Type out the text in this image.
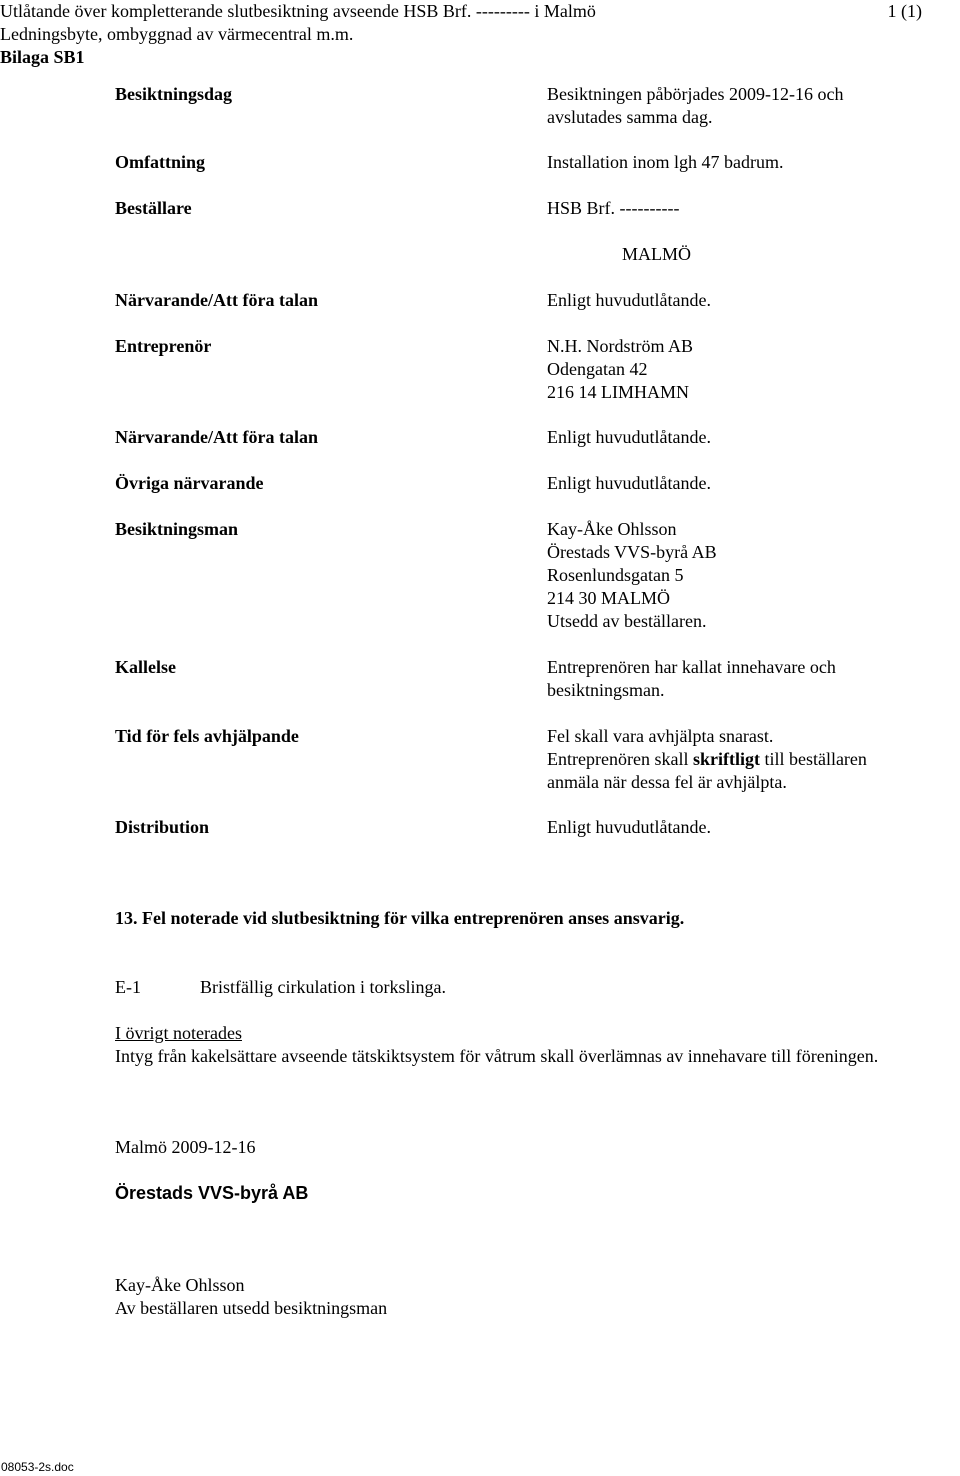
Utlåtande över kompletterande slutbesiktning avseende HSB Brf. --------- i Malmö	1 (1)
Ledningsbyte, ombyggnad av värmecentral m.m.
Bilaga SB1
Besiktningsdag	Besiktningen påbörjades 2009-12-16 och
avslutades samma dag.
Omfattning	Installation inom lgh 47 badrum.
Beställare	HSB Brf. ----------
MALMÖ
Närvarande/Att föra talan	Enligt huvudutlåtande.
Entreprenör	N.H. Nordström AB
Odengatan 42
216 14 LIMHAMN
Närvarande/Att föra talan	Enligt huvudutlåtande.
Övriga närvarande	Enligt huvudutlåtande.
Besiktningsman	Kay-Åke Ohlsson
Örestads VVS-byrå AB
Rosenlundsgatan 5
214 30 MALMÖ
Utsedd av beställaren.
Kallelse	Entreprenören har kallat innehavare och
besiktningsman.
Tid för fels avhjälpande	Fel skall vara avhjälpta snarast.
Entreprenören skall skriftligt till beställaren
anmäla när dessa fel är avhjälpta.
Distribution	Enligt huvudutlåtande.
13. Fel noterade vid slutbesiktning för vilka entreprenören anses ansvarig.
E-1	Bristfällig cirkulation i torkslinga.
I övrigt noterades
Intyg från kakelsättare avseende tätskiktsystem för våtrum skall överlämnas av innehavare till föreningen.
Malmö 2009-12-16
Örestads VVS-byrå AB
Kay-Åke Ohlsson
Av beställaren utsedd besiktningsman
08053-2s.doc
